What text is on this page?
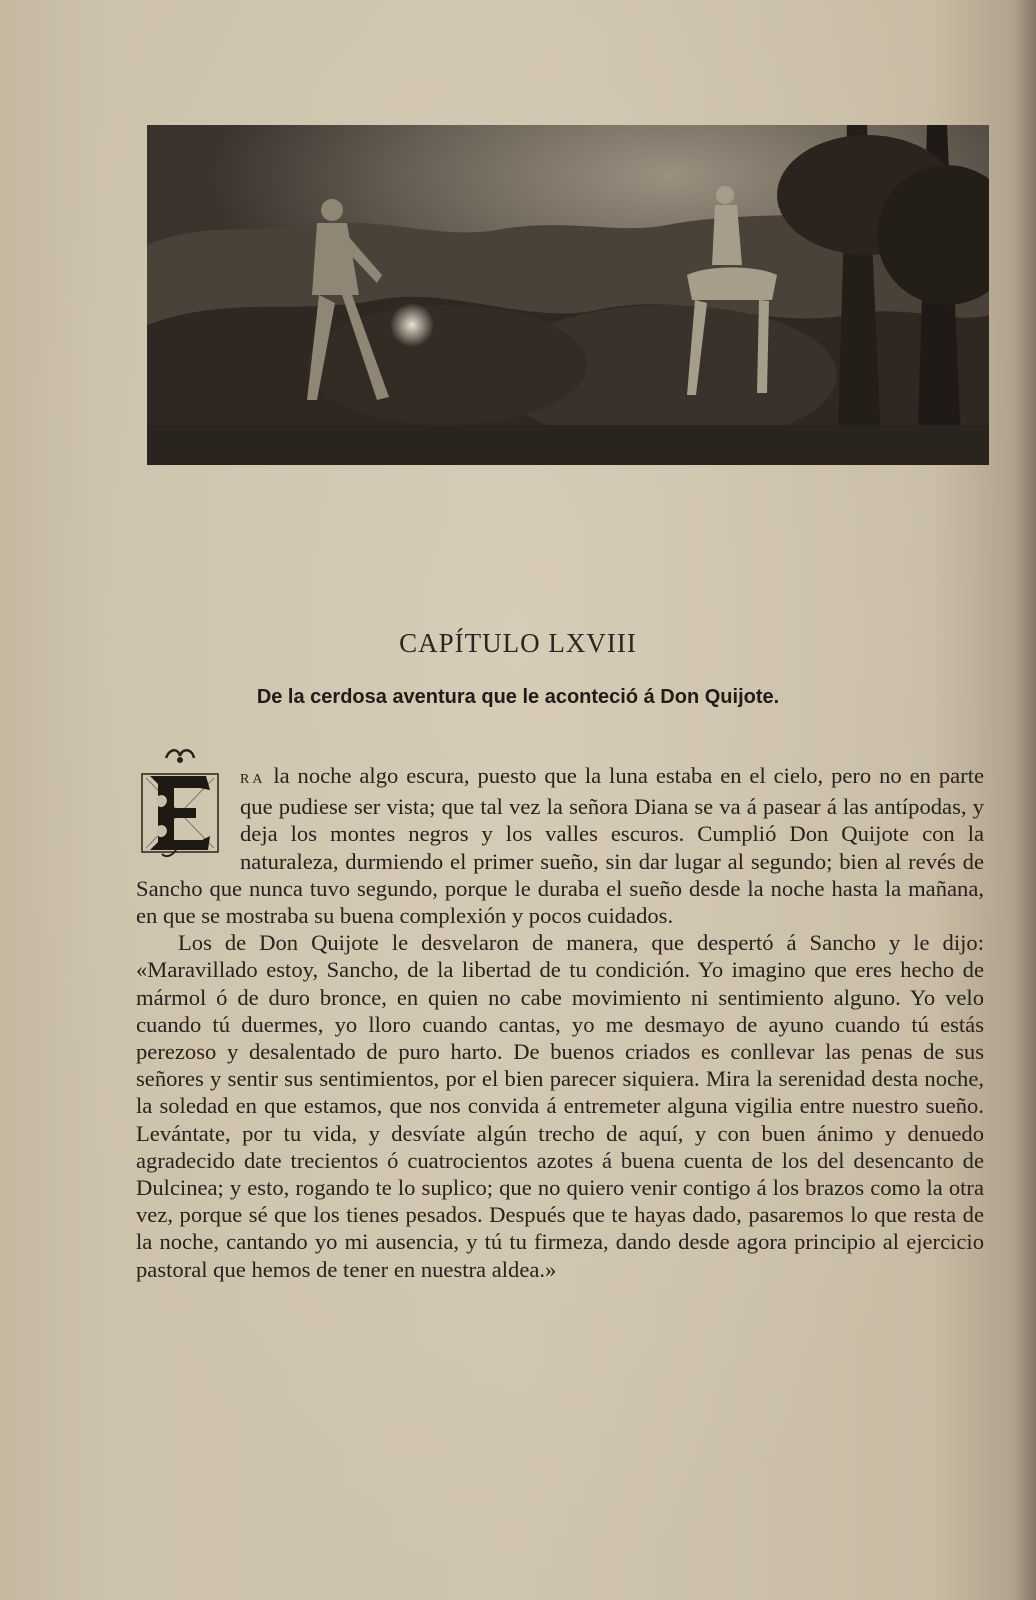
CAPÍTULO LXVIII
De la cerdosa aventura que le aconteció á Don Quijote.

RA la noche algo escura, puesto que la luna estaba en el cielo, pero no en parte que pudiese ser vista; que tal vez la señora Diana se va á pasear á las antípodas, y deja los montes negros y los valles escuros. Cumplió Don Quijote con la naturaleza, durmiendo el primer sueño, sin dar lugar al segundo; bien al revés de Sancho que nunca tuvo segundo, porque le duraba el sueño desde la noche hasta la mañana, en que se mostraba su buena complexión y pocos cuidados.

Los de Don Quijote le desvelaron de manera, que despertó á Sancho y le dijo: «Maravillado estoy, Sancho, de la libertad de tu condición. Yo imagino que eres hecho de mármol ó de duro bronce, en quien no cabe movimiento ni sentimiento alguno. Yo velo cuando tú duermes, yo lloro cuando cantas, yo me desmayo de ayuno cuando tú estás perezoso y desalentado de puro harto. De buenos criados es conllevar las penas de sus señores y sentir sus sentimientos, por el bien parecer siquiera. Mira la serenidad desta noche, la soledad en que estamos, que nos convida á entremeter alguna vigilia entre nuestro sueño. Levántate, por tu vida, y desvíate algún trecho de aquí, y con buen ánimo y denuedo agradecido date trecientos ó cuatrocientos azotes á buena cuenta de los del desencanto de Dulcinea; y esto, rogando te lo suplico; que no quiero venir contigo á los brazos como la otra vez, porque sé que los tienes pesados. Después que te hayas dado, pasaremos lo que resta de la noche, cantando yo mi ausencia, y tú tu firmeza, dando desde agora principio al ejercicio pastoral que hemos de tener en nuestra aldea.»
